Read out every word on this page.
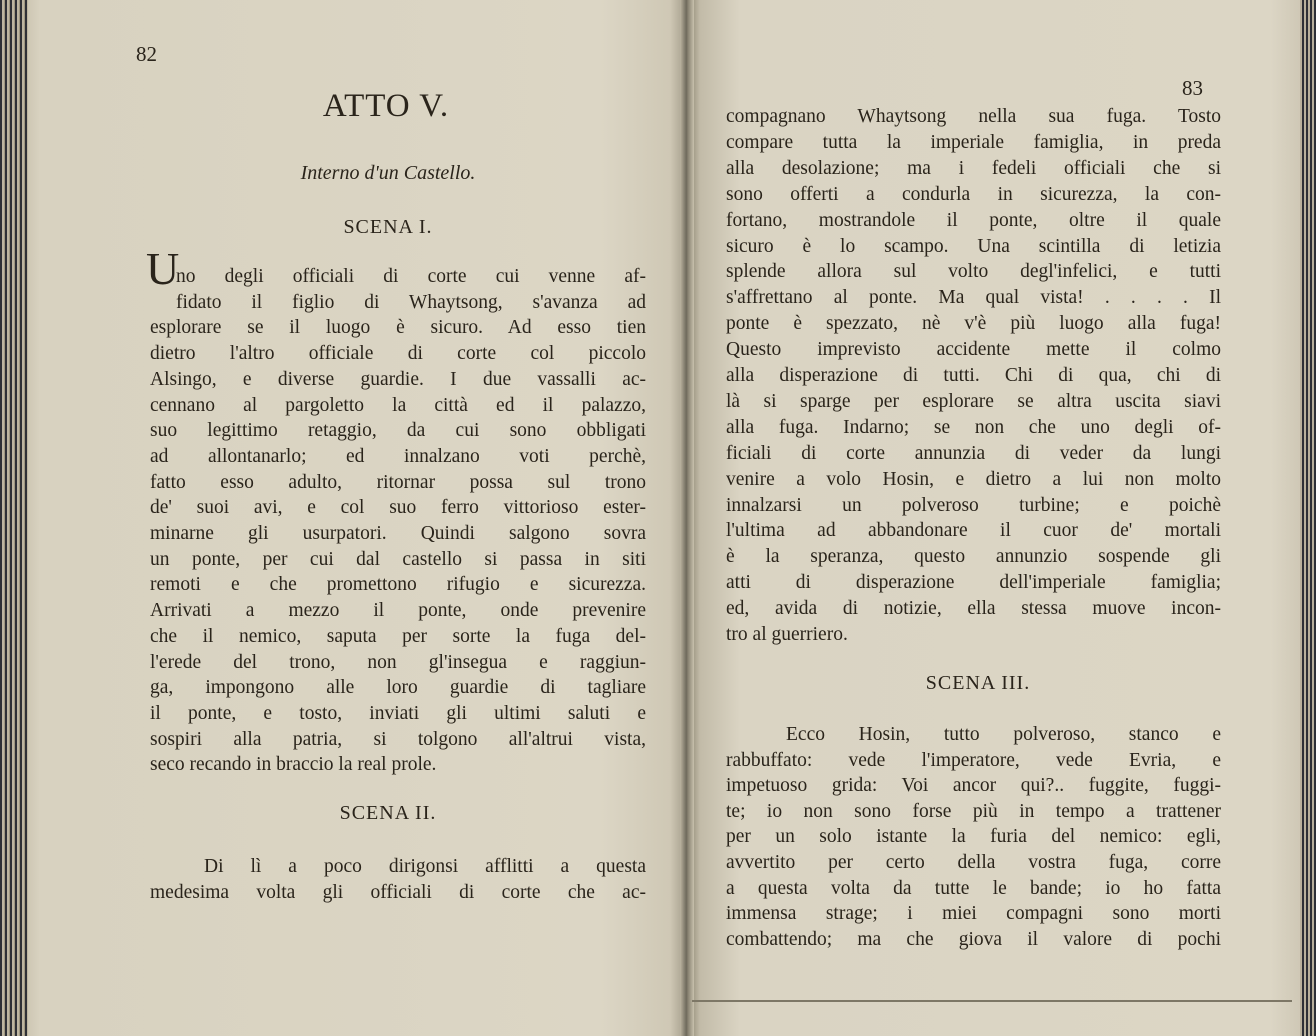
82
ATTO V.
Interno d'un Castello.
SCENA I.
U
no degli officiali di corte cui venne af-
fidato il figlio di Whaytsong, s'avanza ad
esplorare se il luogo è sicuro. Ad esso tien
dietro l'altro officiale di corte col piccolo
Alsingo, e diverse guardie. I due vassalli ac-
cennano al pargoletto la città ed il palazzo,
suo legittimo retaggio, da cui sono obbligati
ad allontanarlo; ed innalzano voti perchè,
fatto esso adulto, ritornar possa sul trono
de' suoi avi, e col suo ferro vittorioso ester-
minarne gli usurpatori. Quindi salgono sovra
un ponte, per cui dal castello si passa in siti
remoti e che promettono rifugio e sicurezza.
Arrivati a mezzo il ponte, onde prevenire
che il nemico, saputa per sorte la fuga del-
l'erede del trono, non gl'insegua e raggiun-
ga, impongono alle loro guardie di tagliare
il ponte, e tosto, inviati gli ultimi saluti e
sospiri alla patria, si tolgono all'altrui vista,
seco recando in braccio la real prole.
SCENA II.
Di lì a poco dirigonsi afflitti a questa
medesima volta gli officiali di corte che ac-
83
compagnano Whaytsong nella sua fuga. Tosto
compare tutta la imperiale famiglia, in preda
alla desolazione; ma i fedeli officiali che si
sono offerti a condurla in sicurezza, la con-
fortano, mostrandole il ponte, oltre il quale
sicuro è lo scampo. Una scintilla di letizia
splende allora sul volto degl'infelici, e tutti
s'affrettano al ponte. Ma qual vista! . . . . Il
ponte è spezzato, nè v'è più luogo alla fuga!
Questo imprevisto accidente mette il colmo
alla disperazione di tutti. Chi di qua, chi di
là si sparge per esplorare se altra uscita siavi
alla fuga. Indarno; se non che uno degli of-
ficiali di corte annunzia di veder da lungi
venire a volo Hosin, e dietro a lui non molto
innalzarsi un polveroso turbine; e poichè
l'ultima ad abbandonare il cuor de' mortali
è la speranza, questo annunzio sospende gli
atti di disperazione dell'imperiale famiglia;
ed, avida di notizie, ella stessa muove incon-
tro al guerriero.
SCENA III.
Ecco Hosin, tutto polveroso, stanco e
rabbuffato: vede l'imperatore, vede Evria, e
impetuoso grida: Voi ancor qui?.. fuggite, fuggi-
te; io non sono forse più in tempo a trattener
per un solo istante la furia del nemico: egli,
avvertito per certo della vostra fuga, corre
a questa volta da tutte le bande; io ho fatta
immensa strage; i miei compagni sono morti
combattendo; ma che giova il valore di pochi
